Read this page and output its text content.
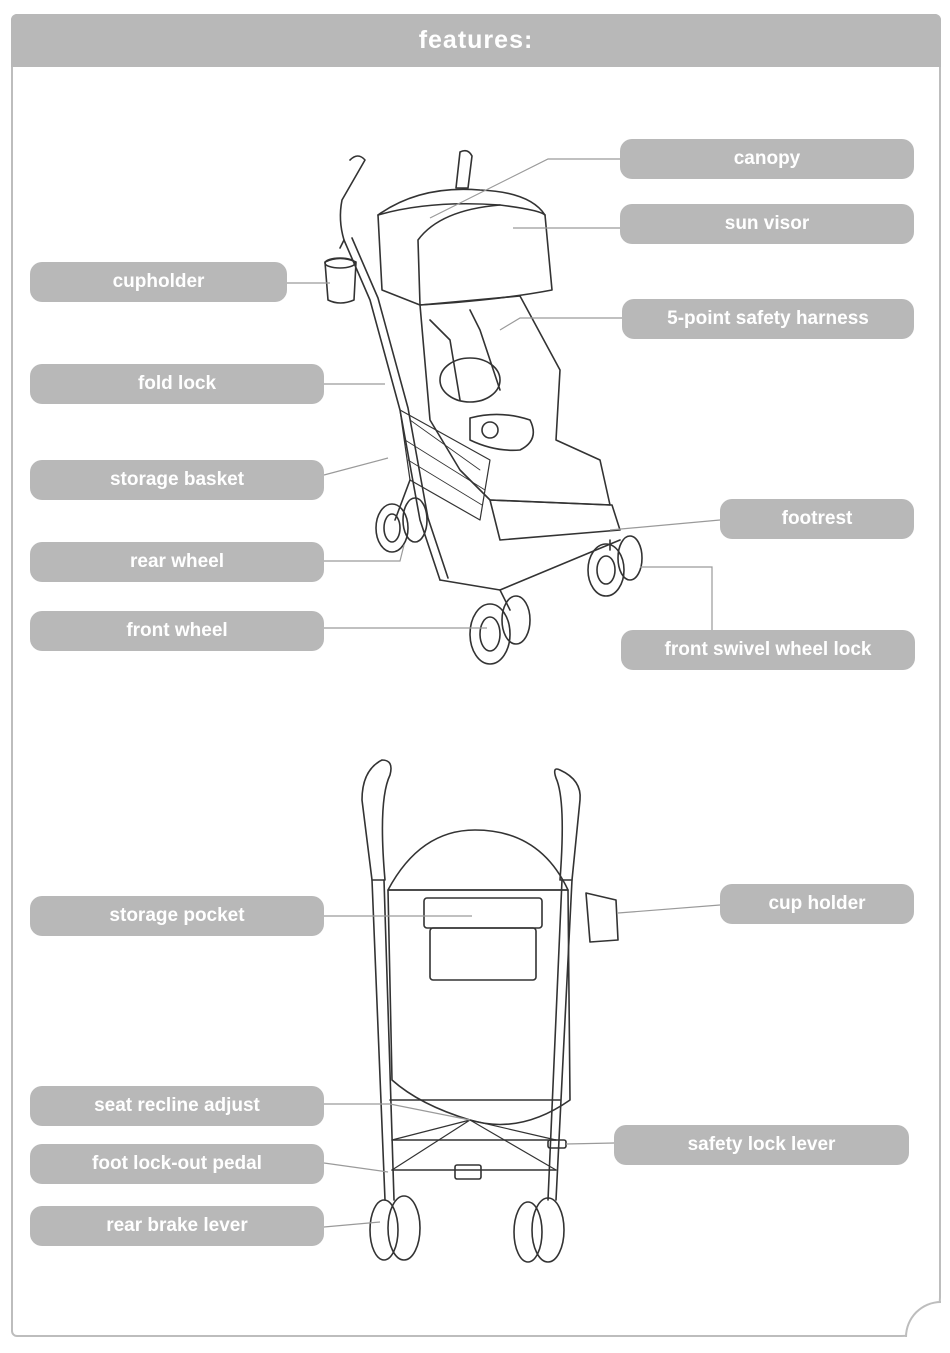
features:
canopy
sun visor
cupholder
5-point safety harness
fold lock
storage basket
footrest
rear wheel
front wheel
front swivel wheel lock
storage pocket
cup holder
seat recline adjust
safety lock lever
foot lock-out pedal
rear brake lever
